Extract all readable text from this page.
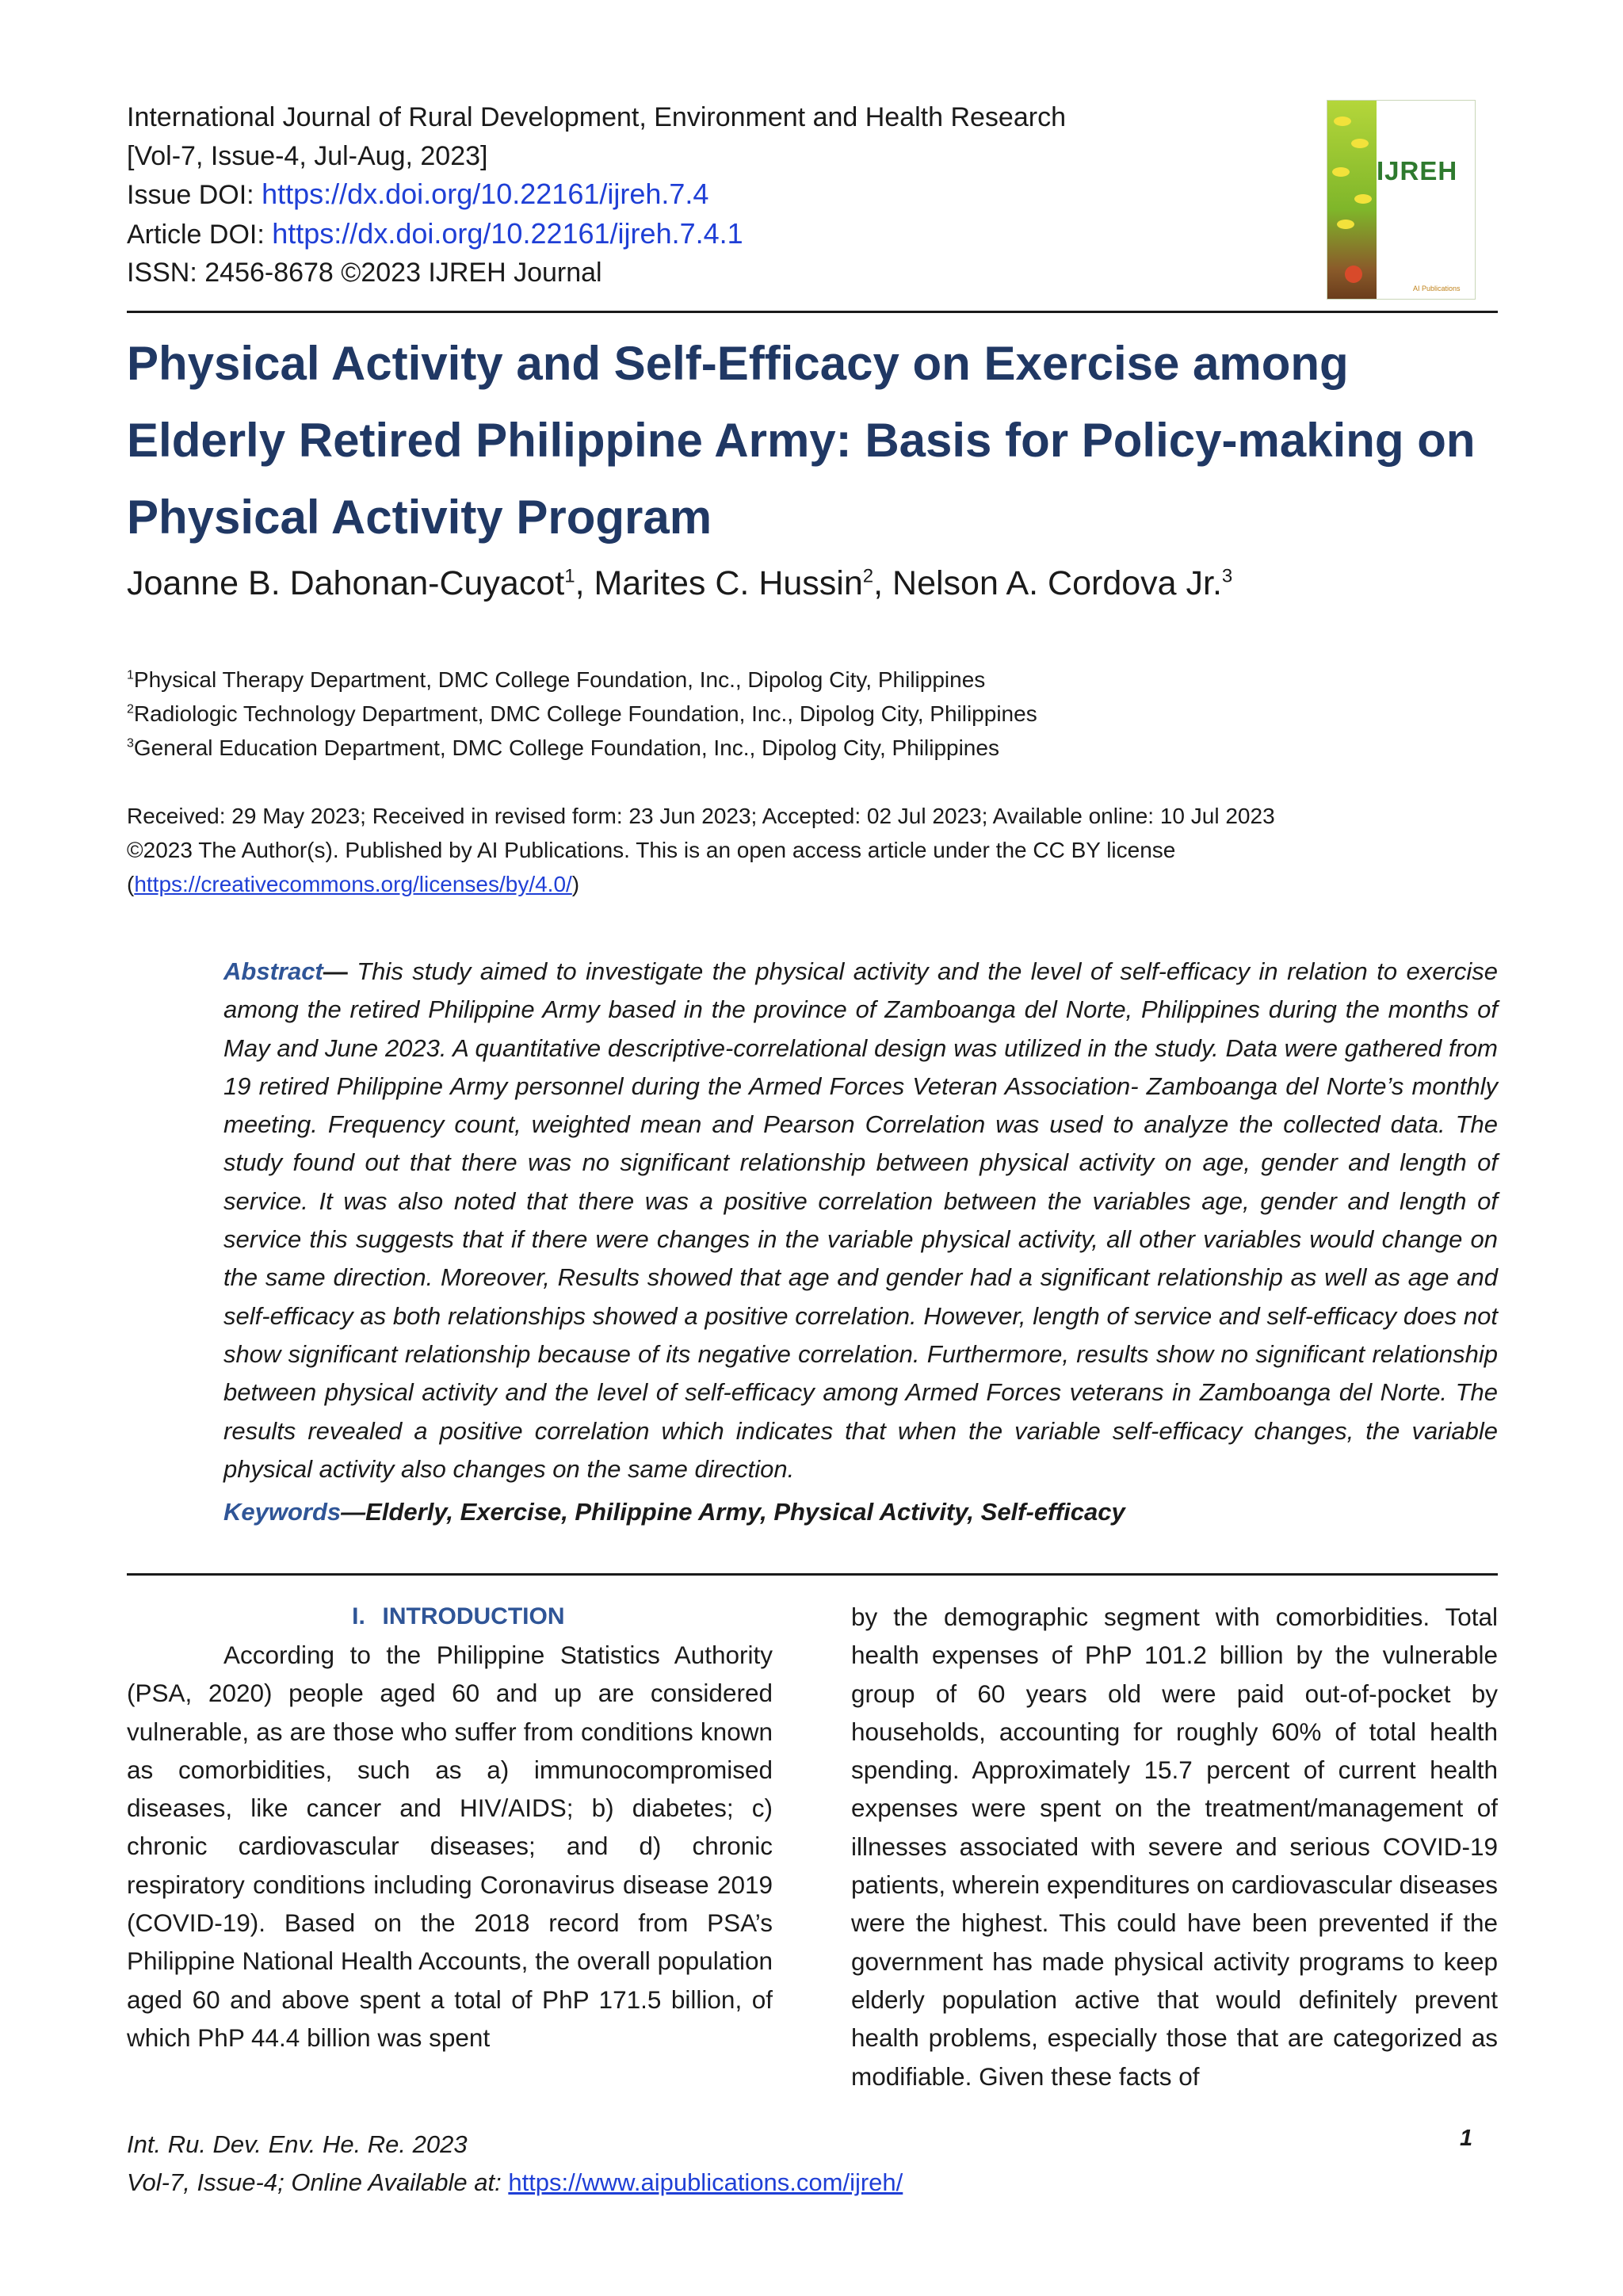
International Journal of Rural Development, Environment and Health Research
[Vol-7, Issue-4, Jul-Aug, 2023]
Issue DOI: https://dx.doi.org/10.22161/ijreh.7.4
Article DOI: https://dx.doi.org/10.22161/ijreh.7.4.1
ISSN: 2456-8678 ©2023 IJREH Journal
IJREH
AI Publications
Physical Activity and Self-Efficacy on Exercise among Elderly Retired Philippine Army: Basis for Policy-making on Physical Activity Program
Joanne B. Dahonan-Cuyacot$^1$, Marites C. Hussin$^2$, Nelson A. Cordova Jr.$^3$
$^1$Physical Therapy Department, DMC College Foundation, Inc., Dipolog City, Philippines
$^2$Radiologic Technology Department, DMC College Foundation, Inc., Dipolog City, Philippines
$^3$General Education Department, DMC College Foundation, Inc., Dipolog City, Philippines
Received: 29 May 2023; Received in revised form: 23 Jun 2023; Accepted: 02 Jul 2023; Available online: 10 Jul 2023
©2023 The Author(s). Published by AI Publications. This is an open access article under the CC BY license
(https://creativecommons.org/licenses/by/4.0/)
Abstract— This study aimed to investigate the physical activity and the level of self-efficacy in relation to exercise among the retired Philippine Army based in the province of Zamboanga del Norte, Philippines during the months of May and June 2023. A quantitative descriptive-correlational design was utilized in the study. Data were gathered from 19 retired Philippine Army personnel during the Armed Forces Veteran Association- Zamboanga del Norte’s monthly meeting. Frequency count, weighted mean and Pearson Correlation was used to analyze the collected data. The study found out that there was no significant relationship between physical activity on age, gender and length of service. It was also noted that there was a positive correlation between the variables age, gender and length of service this suggests that if there were changes in the variable physical activity, all other variables would change on the same direction. Moreover, Results showed that age and gender had a significant relationship as well as age and self-efficacy as both relationships showed a positive correlation. However, length of service and self-efficacy does not show significant relationship because of its negative correlation. Furthermore, results show no significant relationship between physical activity and the level of self-efficacy among Armed Forces veterans in Zamboanga del Norte. The results revealed a positive correlation which indicates that when the variable self-efficacy changes, the variable physical activity also changes on the same direction.
Keywords—Elderly, Exercise, Philippine Army, Physical Activity, Self-efficacy
I. INTRODUCTION
According to the Philippine Statistics Authority (PSA, 2020) people aged 60 and up are considered vulnerable, as are those who suffer from conditions known as comorbidities, such as a) immunocompromised diseases, like cancer and HIV/AIDS; b) diabetes; c) chronic cardiovascular diseases; and d) chronic respiratory conditions including Coronavirus disease 2019 (COVID-19). Based on the 2018 record from PSA’s Philippine National Health Accounts, the overall population aged 60 and above spent a total of PhP 171.5 billion, of which PhP 44.4 billion was spent
by the demographic segment with comorbidities. Total health expenses of PhP 101.2 billion by the vulnerable group of 60 years old were paid out-of-pocket by households, accounting for roughly 60% of total health spending. Approximately 15.7 percent of current health expenses were spent on the treatment/management of illnesses associated with severe and serious COVID-19 patients, wherein expenditures on cardiovascular diseases were the highest. This could have been prevented if the government has made physical activity programs to keep elderly population active that would definitely prevent health problems, especially those that are categorized as modifiable. Given these facts of
Int. Ru. Dev. Env. He. Re. 2023
Vol-7, Issue-4; Online Available at: https://www.aipublications.com/ijreh/
1
